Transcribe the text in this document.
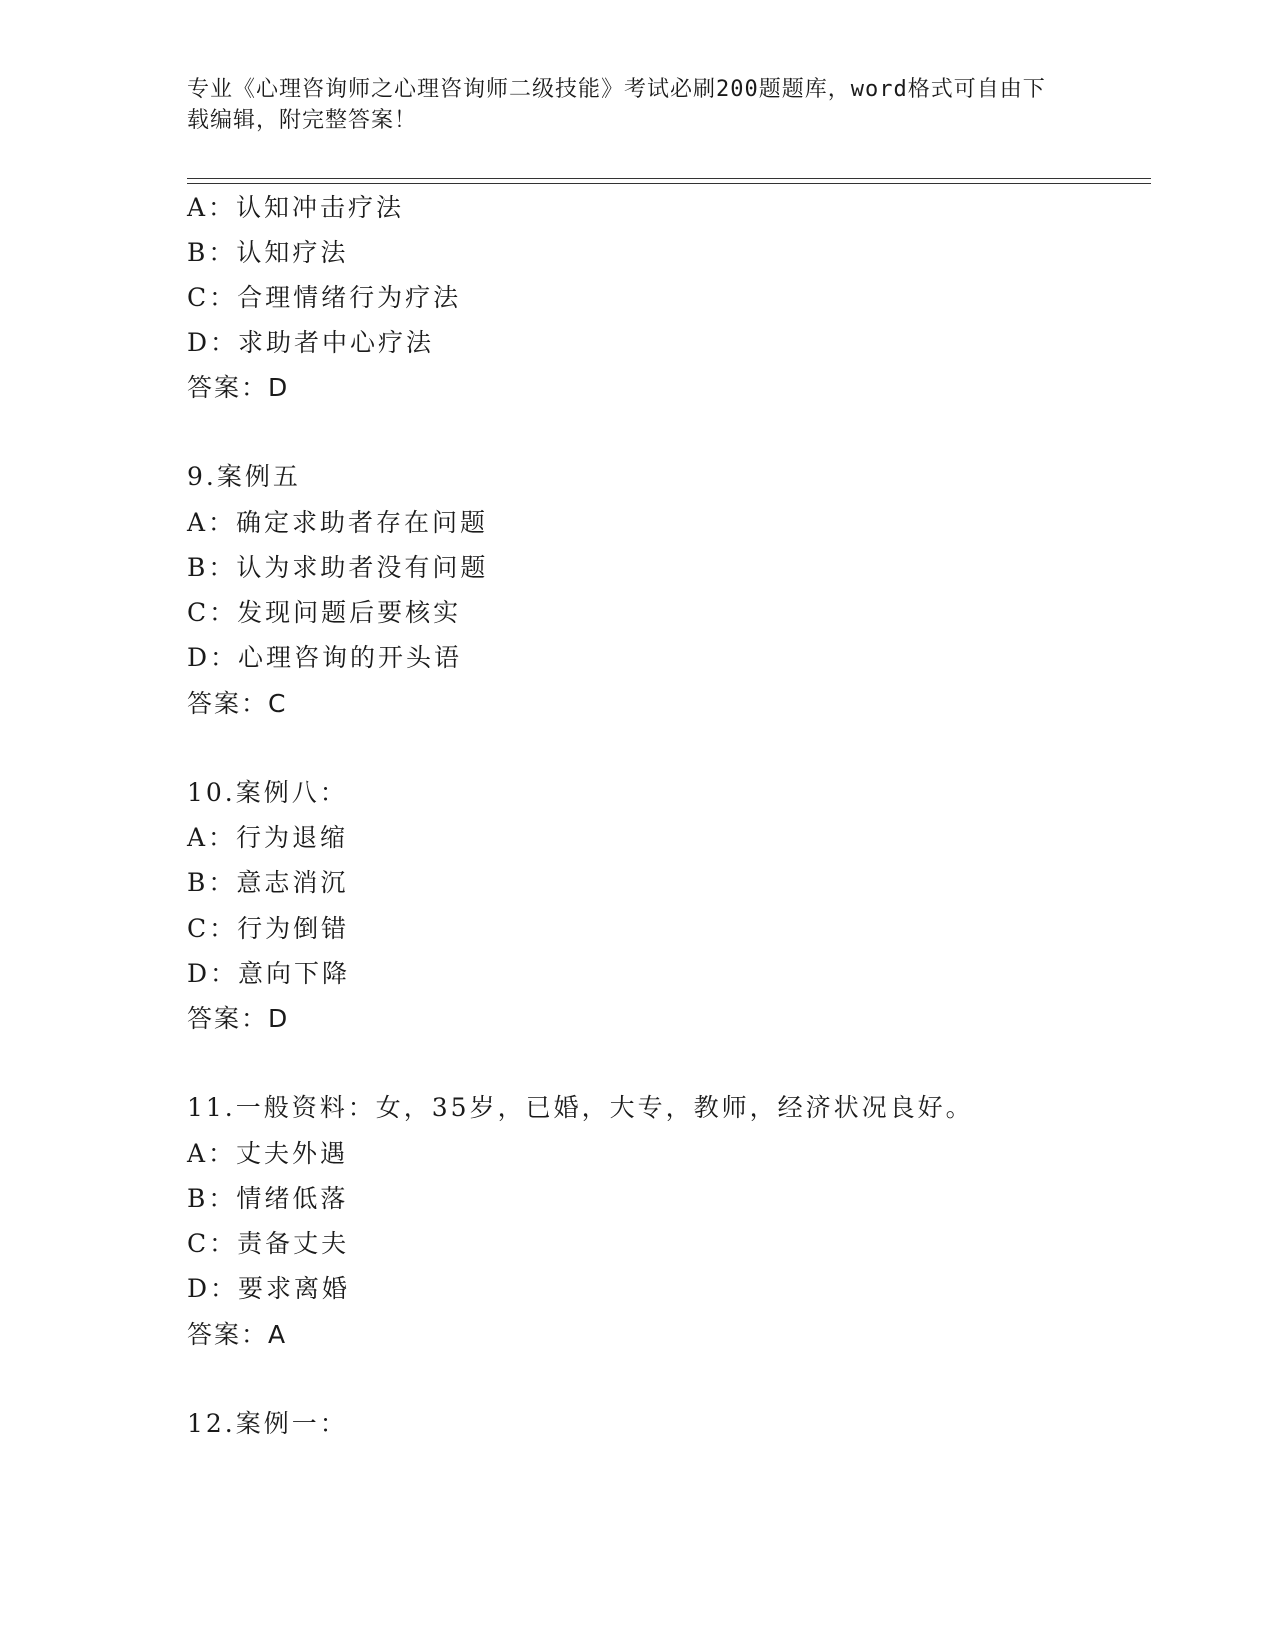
专业《心理咨询师之心理咨询师二级技能》考试必刷200题题库，word格式可自由下载编辑，附完整答案！
A：认知冲击疗法
B：认知疗法
C：合理情绪行为疗法
D：求助者中心疗法
答案：D
9.案例五
A：确定求助者存在问题
B：认为求助者没有问题
C：发现问题后要核实
D：心理咨询的开头语
答案：C
10.案例八：
A：行为退缩
B：意志消沉
C：行为倒错
D：意向下降
答案：D
11.一般资料：女，35岁，已婚，大专，教师，经济状况良好。
A：丈夫外遇
B：情绪低落
C：责备丈夫
D：要求离婚
答案：A
12.案例一：
